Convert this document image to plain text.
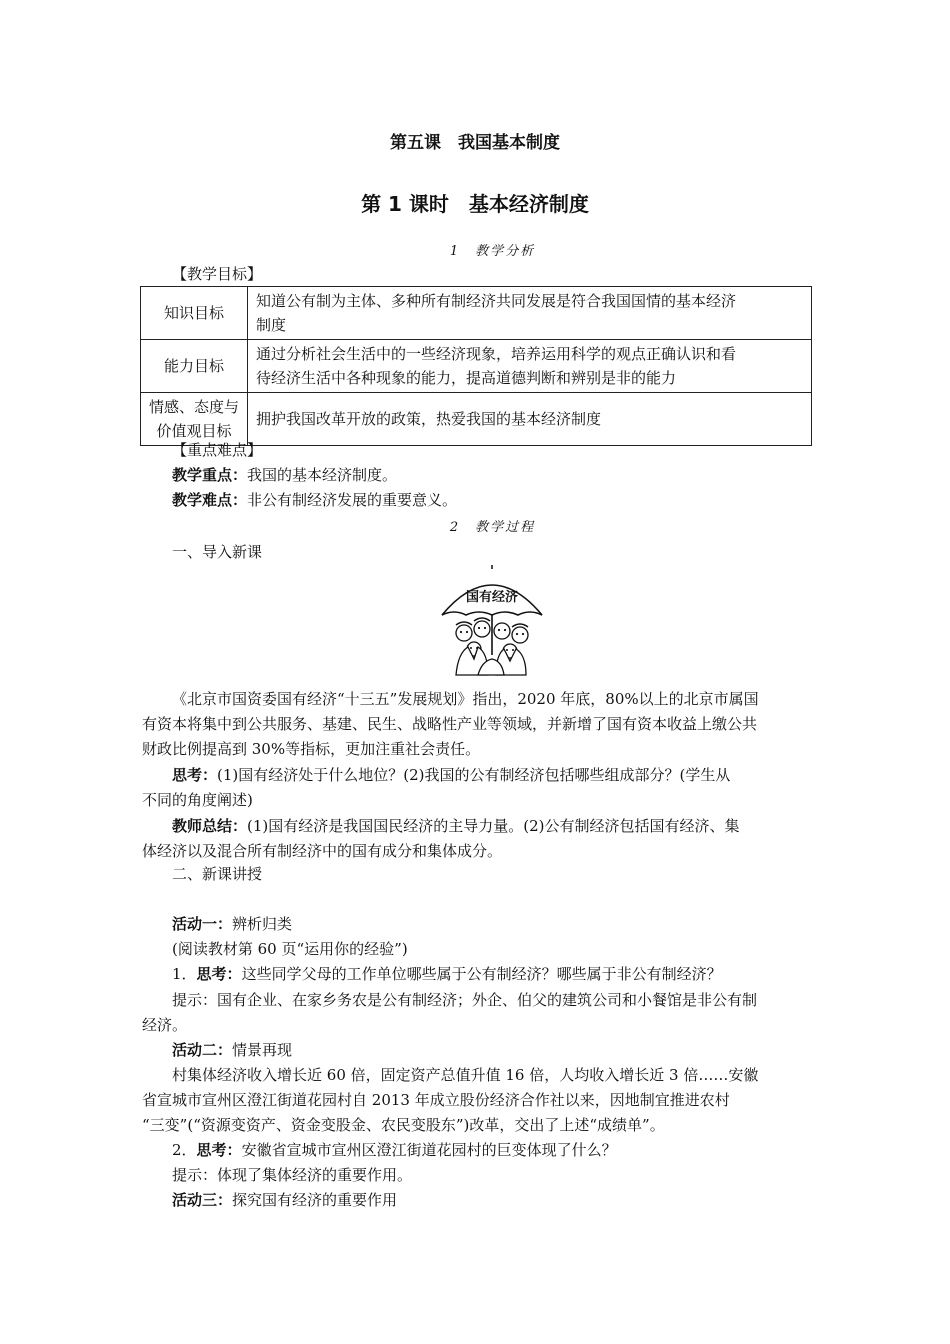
第五课　我国基本制度
第 1 课时　基本经济制度
1　教学分析
【教学目标】
知识目标	知道公有制为主体、多种所有制经济共同发展是符合我国国情的基本经济
制度

能力目标	通过分析社会生活中的一些经济现象，培养运用科学的观点正确认识和看
待经济生活中各种现象的能力，提高道德判断和辨别是非的能力

情感、态度与
价值观目标	拥护我国改革开放的政策，热爱我国的基本经济制度
【重点难点】
教学重点：我国的基本经济制度。
教学难点：非公有制经济发展的重要意义。
2　教学过程
一、导入新课
国有经济
《北京市国资委国有经济“十三五”发展规划》指出，2020 年底，80%以上的北京市属国
有资本将集中到公共服务、基建、民生、战略性产业等领域，并新增了国有资本收益上缴公共
财政比例提高到 30%等指标，更加注重社会责任。
思考：(1)国有经济处于什么地位？(2)我国的公有制经济包括哪些组成部分？(学生从
不同的角度阐述)
教师总结：(1)国有经济是我国国民经济的主导力量。(2)公有制经济包括国有经济、集
体经济以及混合所有制经济中的国有成分和集体成分。
二、新课讲授
活动一：辨析归类
(阅读教材第 60 页“运用你的经验”)
1．思考：这些同学父母的工作单位哪些属于公有制经济？哪些属于非公有制经济？
提示：国有企业、在家乡务农是公有制经济；外企、伯父的建筑公司和小餐馆是非公有制
经济。
活动二：情景再现
村集体经济收入增长近 60 倍，固定资产总值升值 16 倍，人均收入增长近 3 倍……安徽
省宣城市宣州区澄江街道花园村自 2013 年成立股份经济合作社以来，因地制宜推进农村
“三变”(“资源变资产、资金变股金、农民变股东”)改革，交出了上述“成绩单”。
2．思考：安徽省宣城市宣州区澄江街道花园村的巨变体现了什么？
提示：体现了集体经济的重要作用。
活动三：探究国有经济的重要作用
